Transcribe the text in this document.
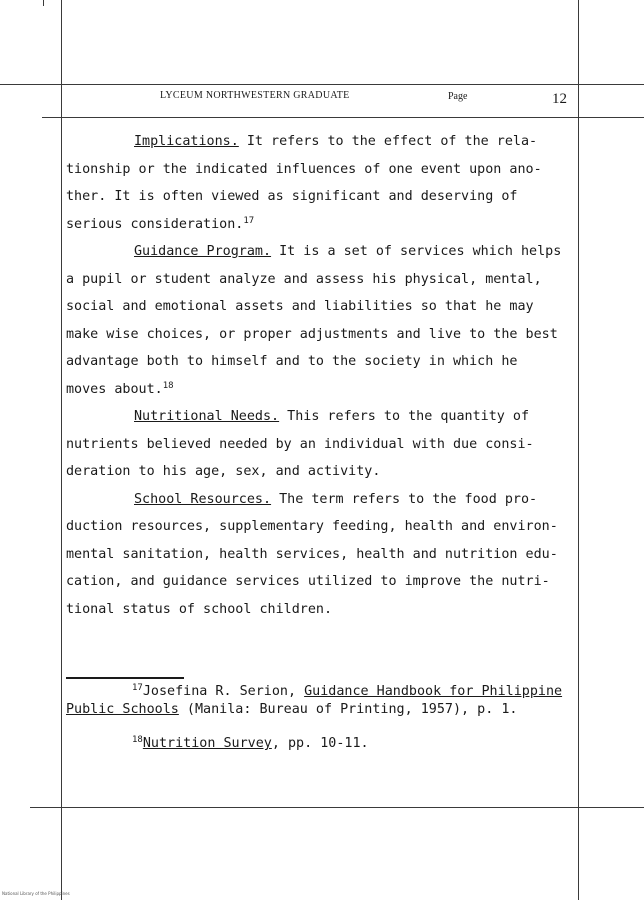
LYCEUM NORTHWESTERN GRADUATE	Page	12
Implications. It refers to the effect of the rela-
tionship or the indicated influences of one event upon ano-
ther. It is often viewed as significant and deserving of
serious consideration.$^{17}$
Guidance Program. It is a set of services which helps
a pupil or student analyze and assess his physical, mental,
social and emotional assets and liabilities so that he may
make wise choices, or proper adjustments and live to the best
advantage both to himself and to the society in which he
moves about.$^{18}$
Nutritional Needs. This refers to the quantity of
nutrients believed needed by an individual with due consi-
deration to his age, sex, and activity.
School Resources. The term refers to the food pro-
duction resources, supplementary feeding, health and environ-
mental sanitation, health services, health and nutrition edu-
cation, and guidance services utilized to improve the nutri-
tional status of school children.
$^{17}$Josefina R. Serion, Guidance Handbook for Philippine
Public Schools (Manila: Bureau of Printing, 1957), p. 1.
$^{18}$Nutrition Survey, pp. 10-11.
National Library of the Philippines
